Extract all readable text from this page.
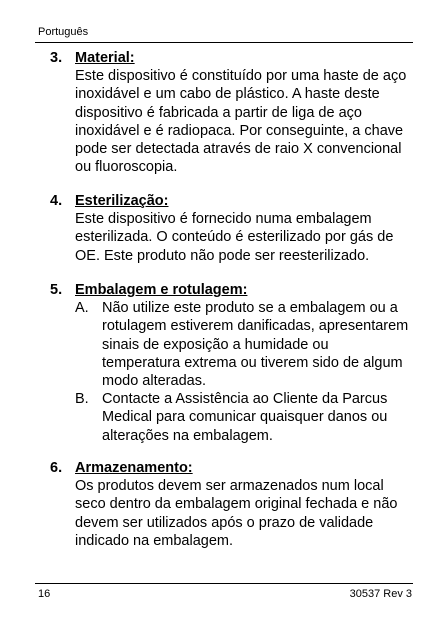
Português
3. Material:
Este dispositivo é constituído por uma haste de aço inoxidável e um cabo de plástico. A haste deste dispositivo é fabricada a partir de liga de aço inoxidável e é radiopaca. Por conseguinte, a chave pode ser detectada através de raio X convencional ou fluoroscopia.
4. Esterilização:
Este dispositivo é fornecido numa embalagem esterilizada. O conteúdo é esterilizado por gás de OE. Este produto não pode ser reesterilizado.
5. Embalagem e rotulagem:
A. Não utilize este produto se a embalagem ou a rotulagem estiverem danificadas, apresentarem sinais de exposição a humidade ou temperatura extrema ou tiverem sido de algum modo alteradas.
B. Contacte a Assistência ao Cliente da Parcus Medical para comunicar quaisquer danos ou alterações na embalagem.
6. Armazenamento:
Os produtos devem ser armazenados num local seco dentro da embalagem original fechada e não devem ser utilizados após o prazo de validade indicado na embalagem.
16	30537 Rev 3
